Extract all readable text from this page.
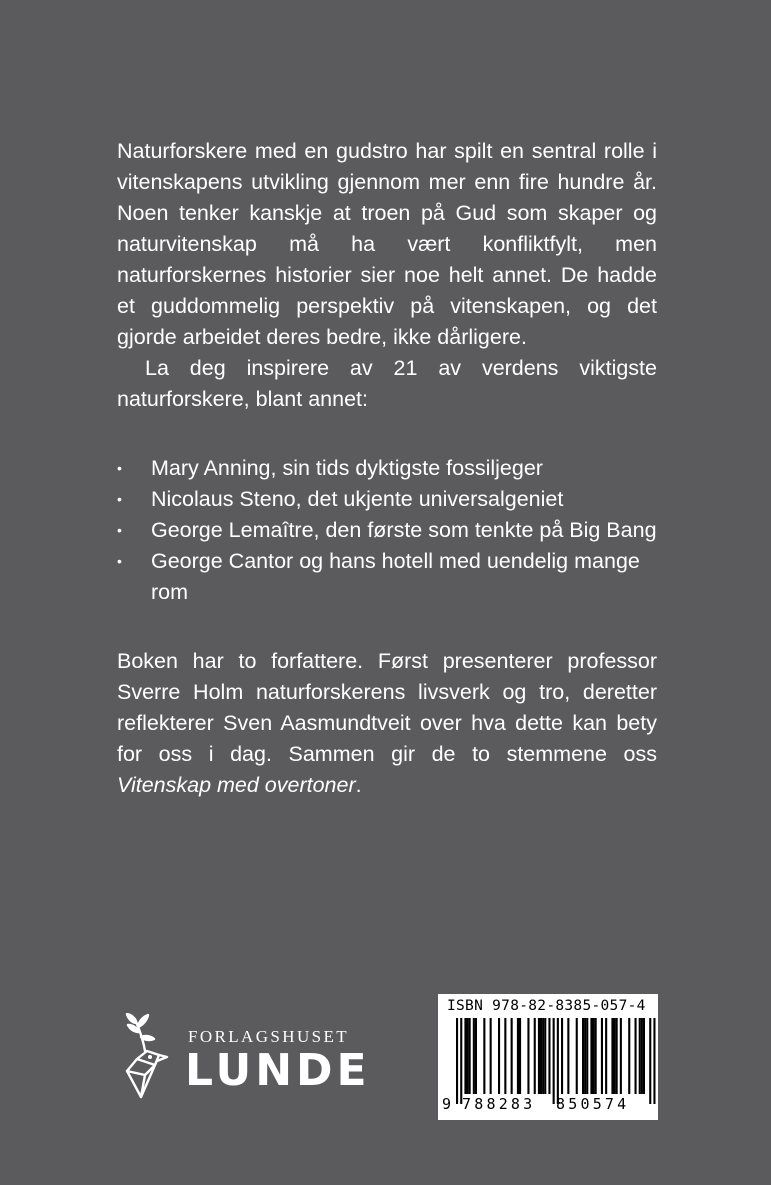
Naturforskere med en gudstro har spilt en sentral rolle i vitenskapens utvikling gjennom mer enn fire hundre år. Noen tenker kanskje at troen på Gud som skaper og naturvitenskap må ha vært konfliktfylt, men naturforskernes historier sier noe helt annet. De hadde et guddommelig perspektiv på vitenskapen, og det gjorde arbeidet deres bedre, ikke dårligere.

La deg inspirere av 21 av verdens viktigste naturforskere, blant annet:

• Mary Anning, sin tids dyktigste fossiljeger
• Nicolaus Steno, det ukjente universalgeniet
• George Lemaître, den første som tenkte på Big Bang
• George Cantor og hans hotell med uendelig mange rom

Boken har to forfattere. Først presenterer professor Sverre Holm naturforskerens livsverk og tro, deretter reflekterer Sven Aasmundtveit over hva dette kan bety for oss i dag. Sammen gir de to stemmene oss Vitenskap med overtoner.

FORLAGSHUSET
LUNDE
ISBN 978-82-8385-057-4
9 788283 850574
